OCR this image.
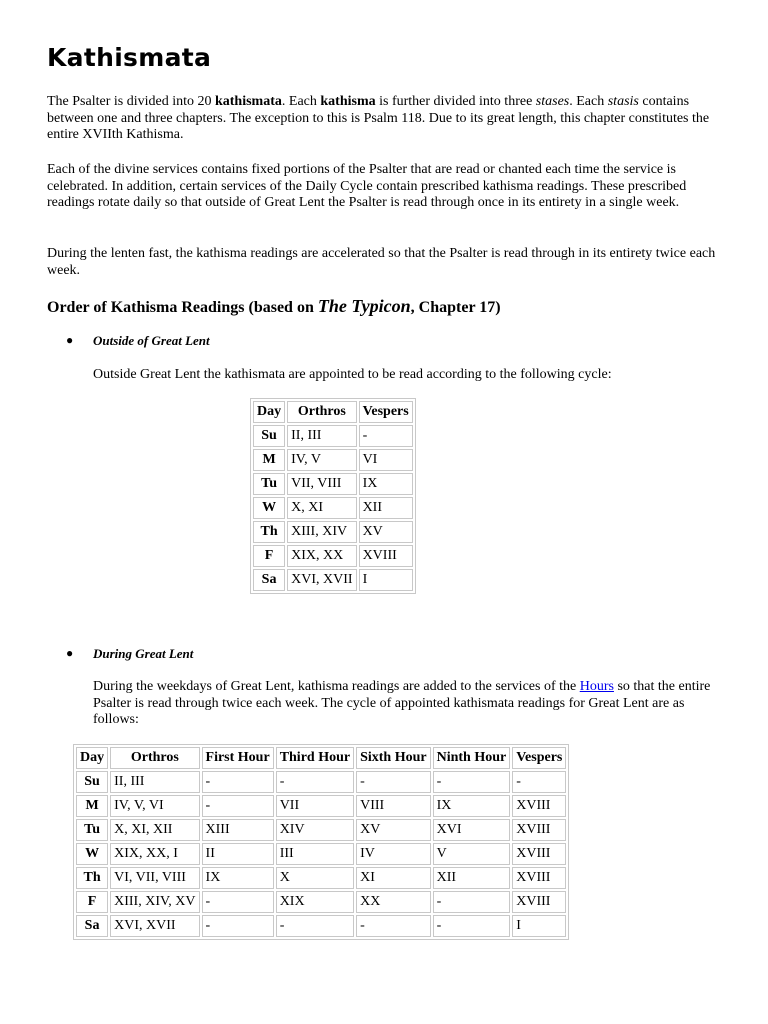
Kathismata

The Psalter is divided into 20 kathismata. Each kathisma is further divided into three stases. Each stasis contains between one and three chapters. The exception to this is Psalm 118. Due to its great length, this chapter constitutes the entire XVIIth Kathisma.

Each of the divine services contains fixed portions of the Psalter that are read or chanted each time the service is celebrated. In addition, certain services of the Daily Cycle contain prescribed kathisma readings. These prescribed readings rotate daily so that outside of Great Lent the Psalter is read through once in its entirety in a single week.

During the lenten fast, the kathisma readings are accelerated so that the Psalter is read through in its entirety twice each week.

Order of Kathisma Readings (based on The Typicon, Chapter 17)
● Outside of Great Lent

Outside Great Lent the kathismata are appointed to be read according to the following cycle:

● During Great Lent

During the weekdays of Great Lent, kathisma readings are added to the services of the Hours so that the entire Psalter is read through twice each week. The cycle of appointed kathismata readings for Great Lent are as follows:

Day	Orthros	Vespers
Su	II, III	-
M	IV, V	VI
Tu	VII, VIII	IX
W	X, XI	XII
Th	XIII, XIV	XV
F	XIX, XX	XVIII
Sa	XVI, XVII	I
Day	Orthros	First Hour	Third Hour	Sixth Hour	Ninth Hour	Vespers
Su	II, III	-	-	-	-	-
M	IV, V, VI	-	VII	VIII	IX	XVIII
Tu	X, XI, XII	XIII	XIV	XV	XVI	XVIII
W	XIX, XX, I	II	III	IV	V	XVIII
Th	VI, VII, VIII	IX	X	XI	XII	XVIII
F	XIII, XIV, XV	-	XIX	XX	-	XVIII
Sa	XVI, XVII	-	-	-	-	I
